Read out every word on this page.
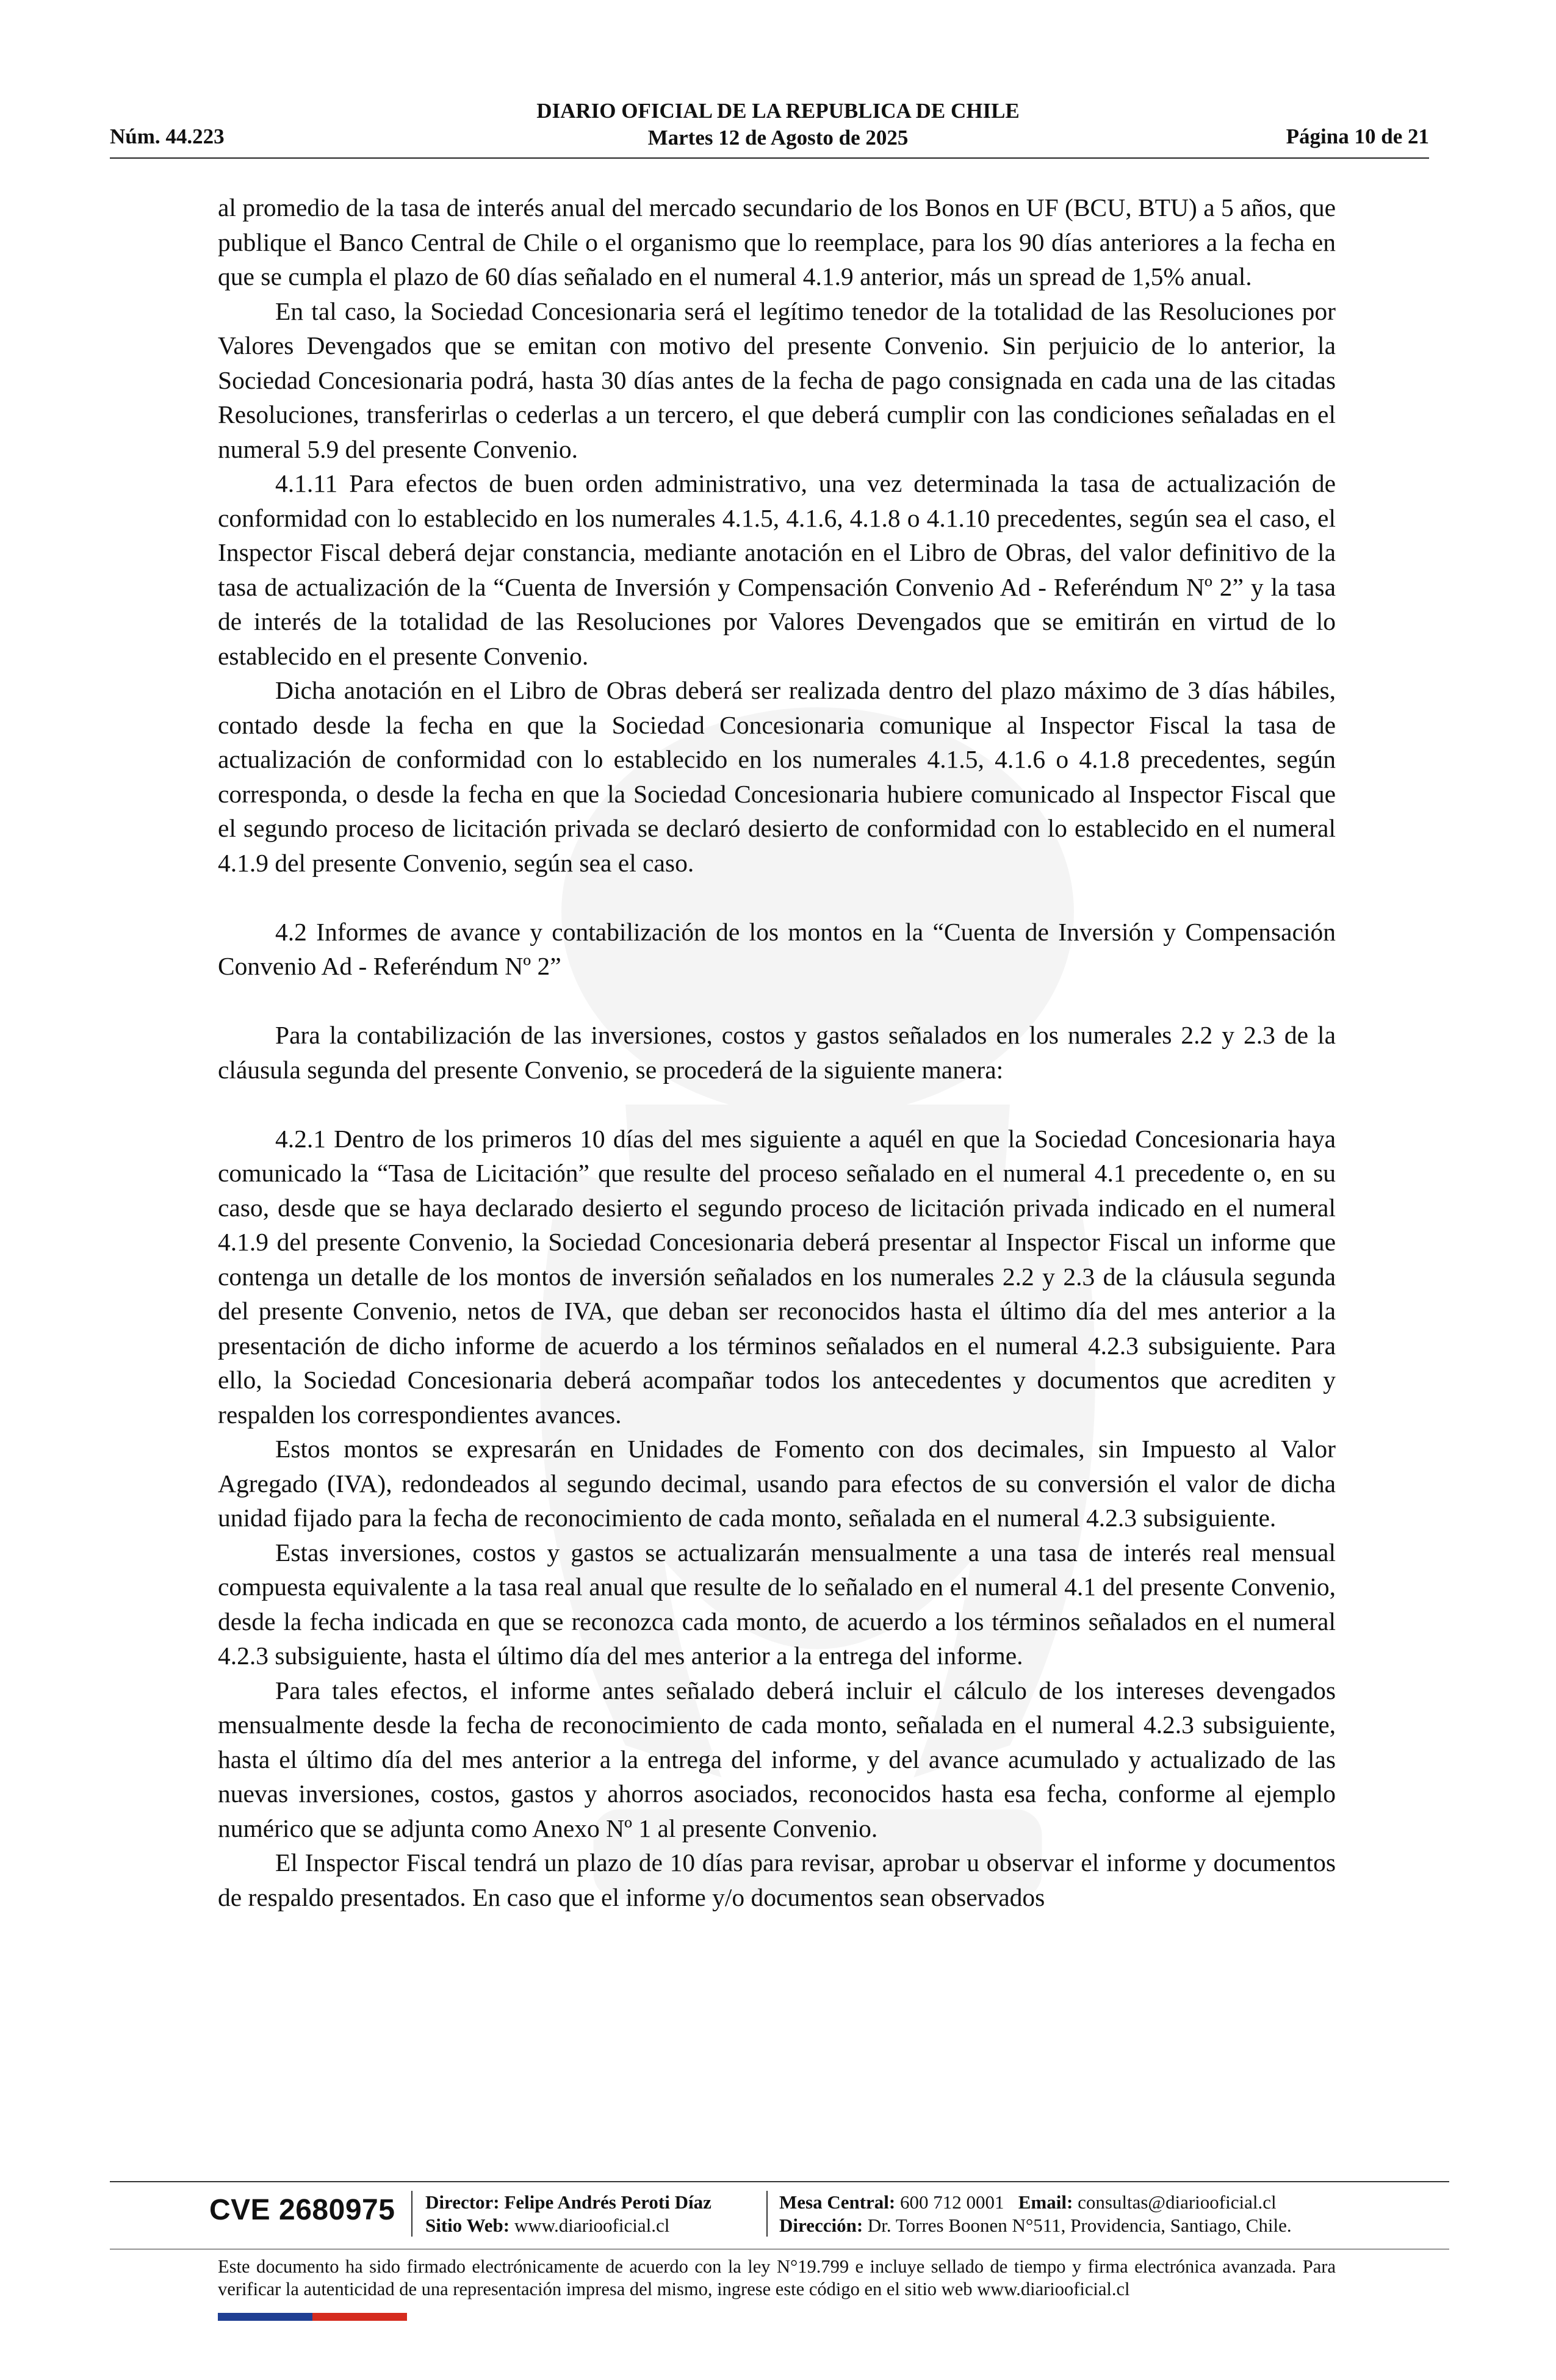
DIARIO OFICIAL DE LA REPUBLICA DE CHILE
Martes 12 de Agosto de 2025
Núm. 44.223	Página 10 de 21

al promedio de la tasa de interés anual del mercado secundario de los Bonos en UF (BCU, BTU) a 5 años, que publique el Banco Central de Chile o el organismo que lo reemplace, para los 90 días anteriores a la fecha en que se cumpla el plazo de 60 días señalado en el numeral 4.1.9 anterior, más un spread de 1,5% anual.

En tal caso, la Sociedad Concesionaria será el legítimo tenedor de la totalidad de las Resoluciones por Valores Devengados que se emitan con motivo del presente Convenio. Sin perjuicio de lo anterior, la Sociedad Concesionaria podrá, hasta 30 días antes de la fecha de pago consignada en cada una de las citadas Resoluciones, transferirlas o cederlas a un tercero, el que deberá cumplir con las condiciones señaladas en el numeral 5.9 del presente Convenio.

4.1.11 Para efectos de buen orden administrativo, una vez determinada la tasa de actualización de conformidad con lo establecido en los numerales 4.1.5, 4.1.6, 4.1.8 o 4.1.10 precedentes, según sea el caso, el Inspector Fiscal deberá dejar constancia, mediante anotación en el Libro de Obras, del valor definitivo de la tasa de actualización de la “Cuenta de Inversión y Compensación Convenio Ad - Referéndum Nº 2” y la tasa de interés de la totalidad de las Resoluciones por Valores Devengados que se emitirán en virtud de lo establecido en el presente Convenio.

Dicha anotación en el Libro de Obras deberá ser realizada dentro del plazo máximo de 3 días hábiles, contado desde la fecha en que la Sociedad Concesionaria comunique al Inspector Fiscal la tasa de actualización de conformidad con lo establecido en los numerales 4.1.5, 4.1.6 o 4.1.8 precedentes, según corresponda, o desde la fecha en que la Sociedad Concesionaria hubiere comunicado al Inspector Fiscal que el segundo proceso de licitación privada se declaró desierto de conformidad con lo establecido en el numeral 4.1.9 del presente Convenio, según sea el caso.

4.2 Informes de avance y contabilización de los montos en la “Cuenta de Inversión y Compensación Convenio Ad - Referéndum Nº 2”

Para la contabilización de las inversiones, costos y gastos señalados en los numerales 2.2 y 2.3 de la cláusula segunda del presente Convenio, se procederá de la siguiente manera:

4.2.1 Dentro de los primeros 10 días del mes siguiente a aquél en que la Sociedad Concesionaria haya comunicado la “Tasa de Licitación” que resulte del proceso señalado en el numeral 4.1 precedente o, en su caso, desde que se haya declarado desierto el segundo proceso de licitación privada indicado en el numeral 4.1.9 del presente Convenio, la Sociedad Concesionaria deberá presentar al Inspector Fiscal un informe que contenga un detalle de los montos de inversión señalados en los numerales 2.2 y 2.3 de la cláusula segunda del presente Convenio, netos de IVA, que deban ser reconocidos hasta el último día del mes anterior a la presentación de dicho informe de acuerdo a los términos señalados en el numeral 4.2.3 subsiguiente. Para ello, la Sociedad Concesionaria deberá acompañar todos los antecedentes y documentos que acrediten y respalden los correspondientes avances.

Estos montos se expresarán en Unidades de Fomento con dos decimales, sin Impuesto al Valor Agregado (IVA), redondeados al segundo decimal, usando para efectos de su conversión el valor de dicha unidad fijado para la fecha de reconocimiento de cada monto, señalada en el numeral 4.2.3 subsiguiente.

Estas inversiones, costos y gastos se actualizarán mensualmente a una tasa de interés real mensual compuesta equivalente a la tasa real anual que resulte de lo señalado en el numeral 4.1 del presente Convenio, desde la fecha indicada en que se reconozca cada monto, de acuerdo a los términos señalados en el numeral 4.2.3 subsiguiente, hasta el último día del mes anterior a la entrega del informe.

Para tales efectos, el informe antes señalado deberá incluir el cálculo de los intereses devengados mensualmente desde la fecha de reconocimiento de cada monto, señalada en el numeral 4.2.3 subsiguiente, hasta el último día del mes anterior a la entrega del informe, y del avance acumulado y actualizado de las nuevas inversiones, costos, gastos y ahorros asociados, reconocidos hasta esa fecha, conforme al ejemplo numérico que se adjunta como Anexo Nº 1 al presente Convenio.

El Inspector Fiscal tendrá un plazo de 10 días para revisar, aprobar u observar el informe y documentos de respaldo presentados. En caso que el informe y/o documentos sean observados

CVE 2680975 Director: Felipe Andrés Peroti Díaz
Sitio Web: www.diariooficial.cl
Mesa Central: 600 712 0001 Email: consultas@diariooficial.cl
Dirección: Dr. Torres Boonen N°511, Providencia, Santiago, Chile.
Este documento ha sido firmado electrónicamente de acuerdo con la ley N°19.799 e incluye sellado de tiempo y firma electrónica avanzada. Para verificar la autenticidad de una representación impresa del mismo, ingrese este código en el sitio web www.diariooficial.cl
